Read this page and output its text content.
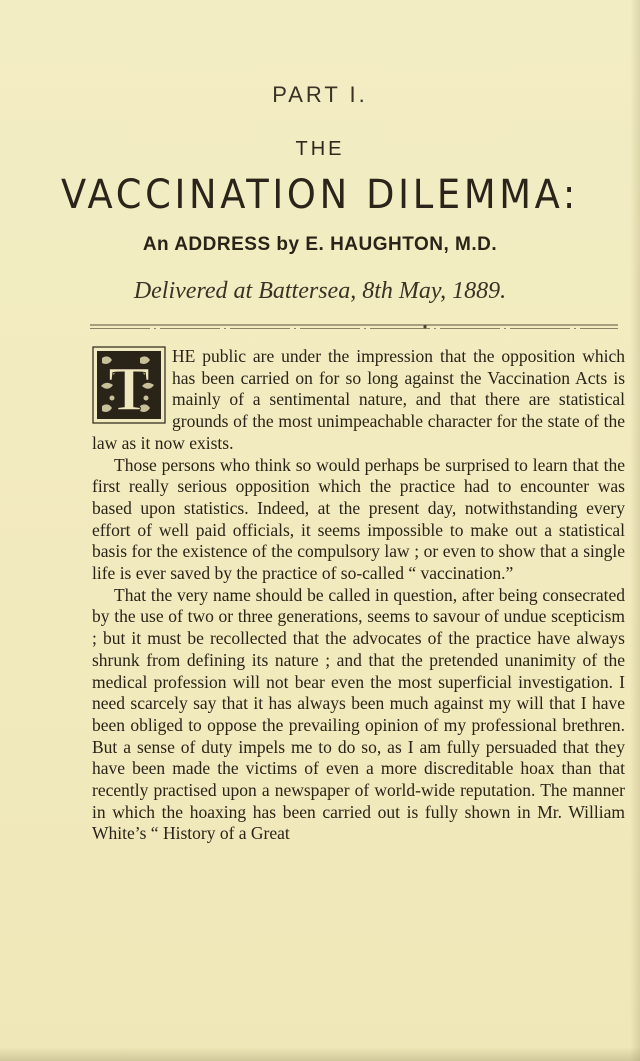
PART I.
THE
VACCINATION DILEMMA:
An ADDRESS by E. HAUGHTON, M.D.
Delivered at Battersea, 8th May, 1889.
T	HE public are under the impression that the opposition which has been carried on for so long against the Vaccination Acts is mainly of a sentimental nature, and that there are statistical grounds of the most unimpeachable character for the state of the law as it now exists.

Those persons who think so would perhaps be surprised to learn that the first really serious opposition which the practice had to encounter was based upon statistics. Indeed, at the present day, notwithstanding every effort of well paid officials, it seems impossible to make out a statistical basis for the existence of the compulsory law ; or even to show that a single life is ever saved by the practice of so-called “ vaccination.”

That the very name should be called in question, after being consecrated by the use of two or three generations, seems to savour of undue scepticism ; but it must be recollected that the advocates of the practice have always shrunk from defining its nature ; and that the pretended unanimity of the medical profession will not bear even the most superficial investigation. I need scarcely say that it has always been much against my will that I have been obliged to oppose the prevailing opinion of my professional brethren. But a sense of duty impels me to do so, as I am fully persuaded that they have been made the victims of even a more discreditable hoax than that recently practised upon a newspaper of world-wide reputation. The manner in which the hoaxing has been carried out is fully shown in Mr. William White’s “ History of a Great
